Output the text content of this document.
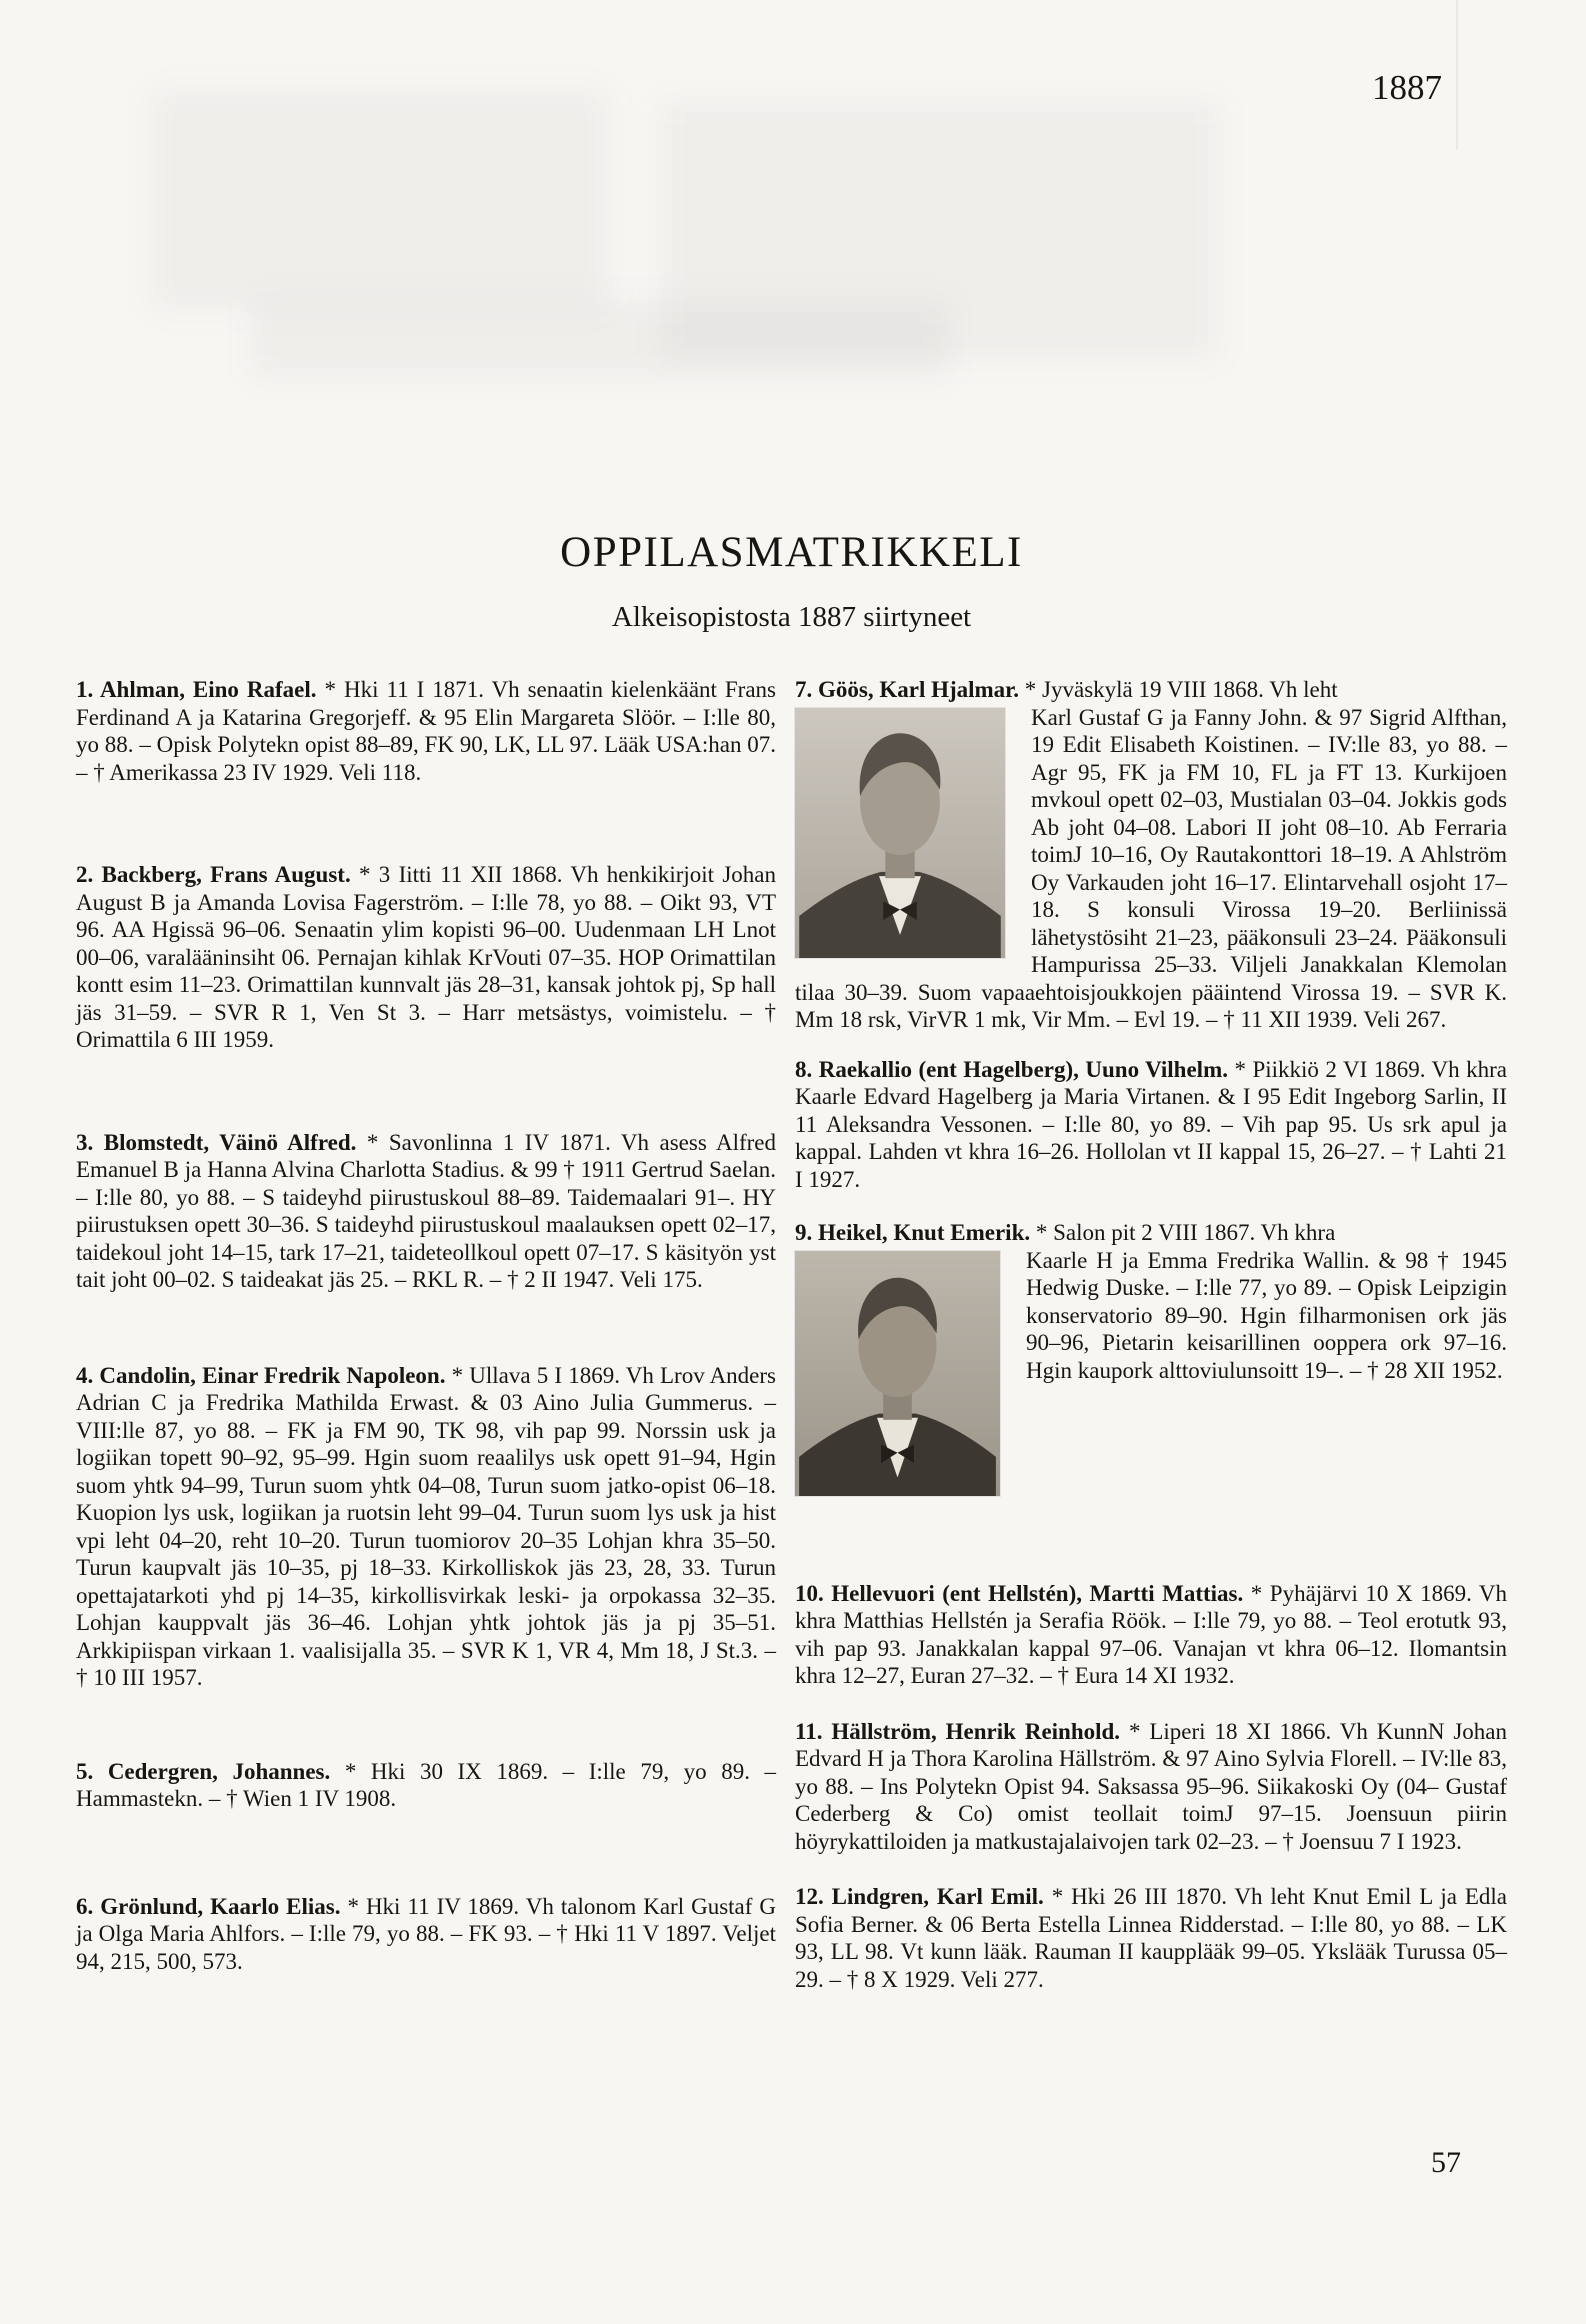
1887
OPPILASMATRIKKELI
Alkeisopistosta 1887 siirtyneet

1. Ahlman, Eino Rafael. * Hki 11 I 1871. Vh senaatin kielenkäänt Frans Ferdinand A ja Katarina Gregorjeff. & 95 Elin Margareta Slöör. – I:lle 80, yo 88. – Opisk Polytekn opist 88–89, FK 90, LK, LL 97. Lääk USA:han 07. – † Amerikassa 23 IV 1929. Veli 118.

2. Backberg, Frans August. * 3 Iitti 11 XII 1868. Vh henkikirjoit Johan August B ja Amanda Lovisa Fagerström. – I:lle 78, yo 88. – Oikt 93, VT 96. AA Hgissä 96–06. Senaatin ylim kopisti 96–00. Uudenmaan LH Lnot 00–06, varalääninsiht 06. Pernajan kihlak KrVouti 07–35. HOP Orimattilan kontt esim 11–23. Orimattilan kunnvalt jäs 28–31, kansak johtok pj, Sp hall jäs 31–59. – SVR R 1, Ven St 3. – Harr metsästys, voimistelu. – † Orimattila 6 III 1959.

3. Blomstedt, Väinö Alfred. * Savonlinna 1 IV 1871. Vh asess Alfred Emanuel B ja Hanna Alvina Charlotta Stadius. & 99 † 1911 Gertrud Saelan. – I:lle 80, yo 88. – S taideyhd piirustuskoul 88–89. Taidemaalari 91–. HY piirustuksen opett 30–36. S taideyhd piirustuskoul maalauksen opett 02–17, taidekoul joht 14–15, tark 17–21, taideteollkoul opett 07–17. S käsityön yst tait joht 00–02. S taideakat jäs 25. – RKL R. – † 2 II 1947. Veli 175.

4. Candolin, Einar Fredrik Napoleon. * Ullava 5 I 1869. Vh Lrov Anders Adrian C ja Fredrika Mathilda Erwast. & 03 Aino Julia Gummerus. – VIII:lle 87, yo 88. – FK ja FM 90, TK 98, vih pap 99. Norssin usk ja logiikan topett 90–92, 95–99. Hgin suom reaalilys usk opett 91–94, Hgin suom yhtk 94–99, Turun suom yhtk 04–08, Turun suom jatko-opist 06–18. Kuopion lys usk, logiikan ja ruotsin leht 99–04. Turun suom lys usk ja hist vpi leht 04–20, reht 10–20. Turun tuomiorov 20–35 Lohjan khra 35–50. Turun kaupvalt jäs 10–35, pj 18–33. Kirkolliskok jäs 23, 28, 33. Turun opettajatarkoti yhd pj 14–35, kirkollisvirkak leski- ja orpokassa 32–35. Lohjan kauppvalt jäs 36–46. Lohjan yhtk johtok jäs ja pj 35–51. Arkkipiispan virkaan 1. vaalisijalla 35. – SVR K 1, VR 4, Mm 18, J St.3. – † 10 III 1957.

5. Cedergren, Johannes. * Hki 30 IX 1869. – I:lle 79, yo 89. – Hammastekn. – † Wien 1 IV 1908.

6. Grönlund, Kaarlo Elias. * Hki 11 IV 1869. Vh talonom Karl Gustaf G ja Olga Maria Ahlfors. – I:lle 79, yo 88. – FK 93. – † Hki 11 V 1897. Veljet 94, 215, 500, 573.

7. Göös, Karl Hjalmar. * Jyväskylä 19 VIII 1868. Vh leht
Karl Gustaf G ja Fanny John. & 97 Sigrid Alfthan, 19 Edit Elisabeth Koistinen. – IV:lle 83, yo 88. – Agr 95, FK ja FM 10, FL ja FT 13. Kurkijoen mvkoul opett 02–03, Mustialan 03–04. Jokkis gods Ab joht 04–08. Labori II joht 08–10. Ab Ferraria toimJ 10–16, Oy Rautakonttori 18–19. A Ahlström Oy Varkauden joht 16–17. Elintarvehall osjoht 17–18. S konsuli Virossa 19–20. Berliinissä lähetystösiht 21–23, pääkonsuli 23–24. Pääkonsuli Hampurissa 25–33. Viljeli Janakkalan Klemolan tilaa 30–39. Suom vapaaehtoisjoukkojen pääintend Virossa 19. – SVR K. Mm 18 rsk, VirVR 1 mk, Vir Mm. – Evl 19. – † 11 XII 1939. Veli 267.

8. Raekallio (ent Hagelberg), Uuno Vilhelm. * Piikkiö 2 VI 1869. Vh khra Kaarle Edvard Hagelberg ja Maria Virtanen. & I 95 Edit Ingeborg Sarlin, II 11 Aleksandra Vessonen. – I:lle 80, yo 89. – Vih pap 95. Us srk apul ja kappal. Lahden vt khra 16–26. Hollolan vt II kappal 15, 26–27. – † Lahti 21 I 1927.

9. Heikel, Knut Emerik. * Salon pit 2 VIII 1867. Vh khra
Kaarle H ja Emma Fredrika Wallin. & 98 † 1945 Hedwig Duske. – I:lle 77, yo 89. – Opisk Leipzigin konservatorio 89–90. Hgin filharmonisen ork jäs 90–96, Pietarin keisarillinen ooppera ork 97–16. Hgin kaupork alttoviulunsoitt 19–. – † 28 XII 1952.

10. Hellevuori (ent Hellstén), Martti Mattias. * Pyhäjärvi 10 X 1869. Vh khra Matthias Hellstén ja Serafia Röök. – I:lle 79, yo 88. – Teol erotutk 93, vih pap 93. Janakkalan kappal 97–06. Vanajan vt khra 06–12. Ilomantsin khra 12–27, Euran 27–32. – † Eura 14 XI 1932.

11. Hällström, Henrik Reinhold. * Liperi 18 XI 1866. Vh KunnN Johan Edvard H ja Thora Karolina Hällström. & 97 Aino Sylvia Florell. – IV:lle 83, yo 88. – Ins Polytekn Opist 94. Saksassa 95–96. Siikakoski Oy (04– Gustaf Cederberg & Co) omist teollait toimJ 97–15. Joensuun piirin höyrykattiloiden ja matkustajalaivojen tark 02–23. – † Joensuu 7 I 1923.

12. Lindgren, Karl Emil. * Hki 26 III 1870. Vh leht Knut Emil L ja Edla Sofia Berner. & 06 Berta Estella Linnea Ridderstad. – I:lle 80, yo 88. – LK 93, LL 98. Vt kunn lääk. Rauman II kaupplääk 99–05. Ykslääk Turussa 05–29. – † 8 X 1929. Veli 277.

57
